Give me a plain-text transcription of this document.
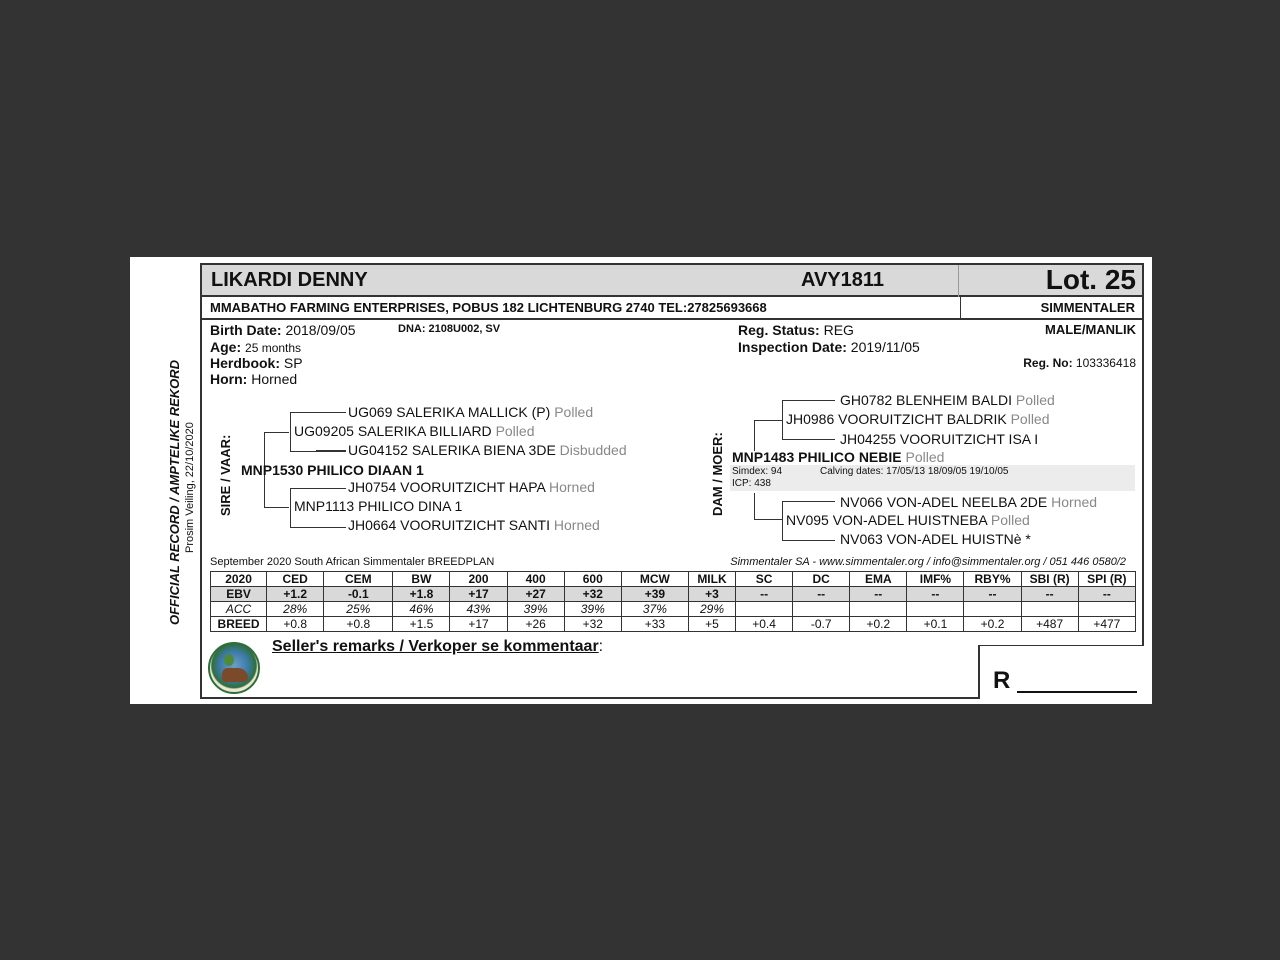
OFFICIAL RECORD / AMPTELIKE REKORD Prosim Veiling, 22/10/2020
LIKARDI DENNY	AVY1811	Lot. 25
MMABATHO FARMING ENTERPRISES, POBUS 182 LICHTENBURG 2740 TEL:27825693668	SIMMENTALER
Birth Date: 2018/09/05	DNA: 2108U002, SV
Age: 25 months
Herdbook: SP
Horn: Horned
Reg. Status: REG
Inspection Date: 2019/11/05
MALE/MANLIK
Reg. No: 103336418
SIRE / VAAR:
UG069 SALERIKA MALLICK (P) Polled
UG09205 SALERIKA BILLIARD Polled
UG04152 SALERIKA BIENA 3DE Disbudded
MNP1530 PHILICO DIAAN 1
JH0754 VOORUITZICHT HAPA Horned
MNP1113 PHILICO DINA 1
JH0664 VOORUITZICHT SANTI Horned
DAM / MOER:
GH0782 BLENHEIM BALDI Polled
JH0986 VOORUITZICHT BALDRIK Polled
JH04255 VOORUITZICHT ISA I
MNP1483 PHILICO NEBIE Polled
Simdex: 94	Calving dates: 17/05/13 18/09/05 19/10/05
ICP: 438
NV066 VON-ADEL NEELBA 2DE Horned
NV095 VON-ADEL HUISTNEBA Polled
NV063 VON-ADEL HUISTNè *
September 2020 South African Simmentaler BREEDPLAN	Simmentaler SA - www.simmentaler.org / info@simmentaler.org / 051 446 0580/2
2020	CED	CEM	BW	200	400	600	MCW	MILK	SC	DC	EMA	IMF%	RBY%	SBI (R)	SPI (R)
EBV	+1.2	-0.1	+1.8	+17	+27	+32	+39	+3	--	--	--	--	--	--	--
ACC	28%	25%	46%	43%	39%	39%	37%	29%							
BREED	+0.8	+0.8	+1.5	+17	+26	+32	+33	+5	+0.4	-0.7	+0.2	+0.1	+0.2	+487	+477
Seller's remarks / Verkoper se kommentaar:
R
